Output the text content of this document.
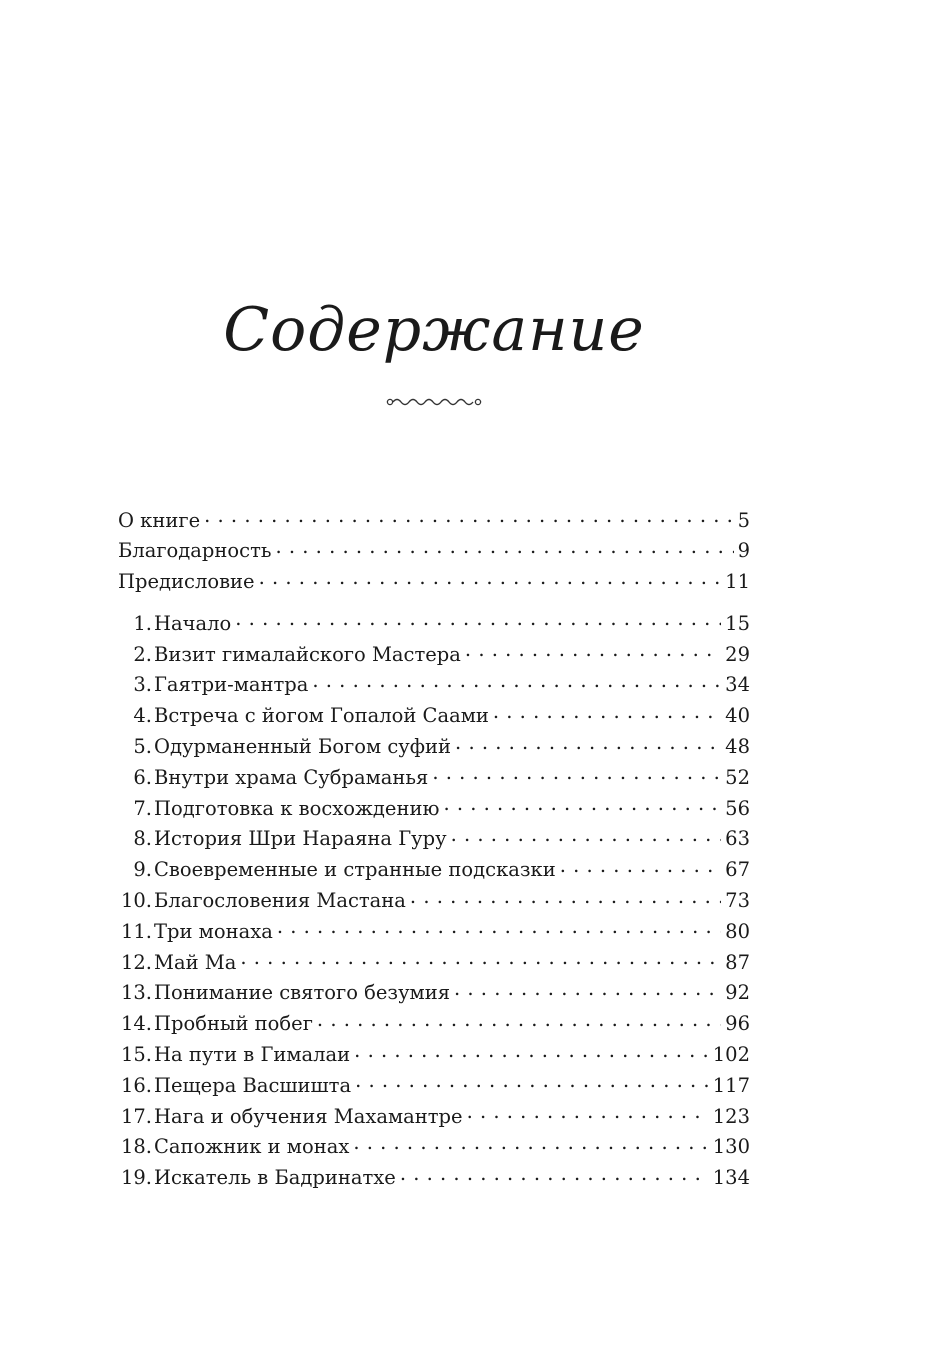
Содержание
О книге . . .	5
Благодарность . . .	9
Предисловие . . .	11
1. Начало . . .	15
2. Визит гималайского Мастера . . .	29
3. Гаятри-мантра . . .	34
4. Встреча с йогом Гопалой Саами . . .	40
5. Одурманенный Богом суфий . . .	48
6. Внутри храма Субраманья . . .	52
7. Подготовка к восхождению . . .	56
8. История Шри Нараяна Гуру . . .	63
9. Своевременные и странные подсказки . . .	67
10. Благословения Мастана . . .	73
11. Три монаха . . .	80
12. Май Ма . . .	87
13. Понимание святого безумия . . .	92
14. Пробный побег . . .	96
15. На пути в Гималаи . . .	102
16. Пещера Васшишта . . .	117
17. Нага и обучения Махамантре . . .	123
18. Сапожник и монах . . .	130
19. Искатель в Бадринатхе . . .	134
